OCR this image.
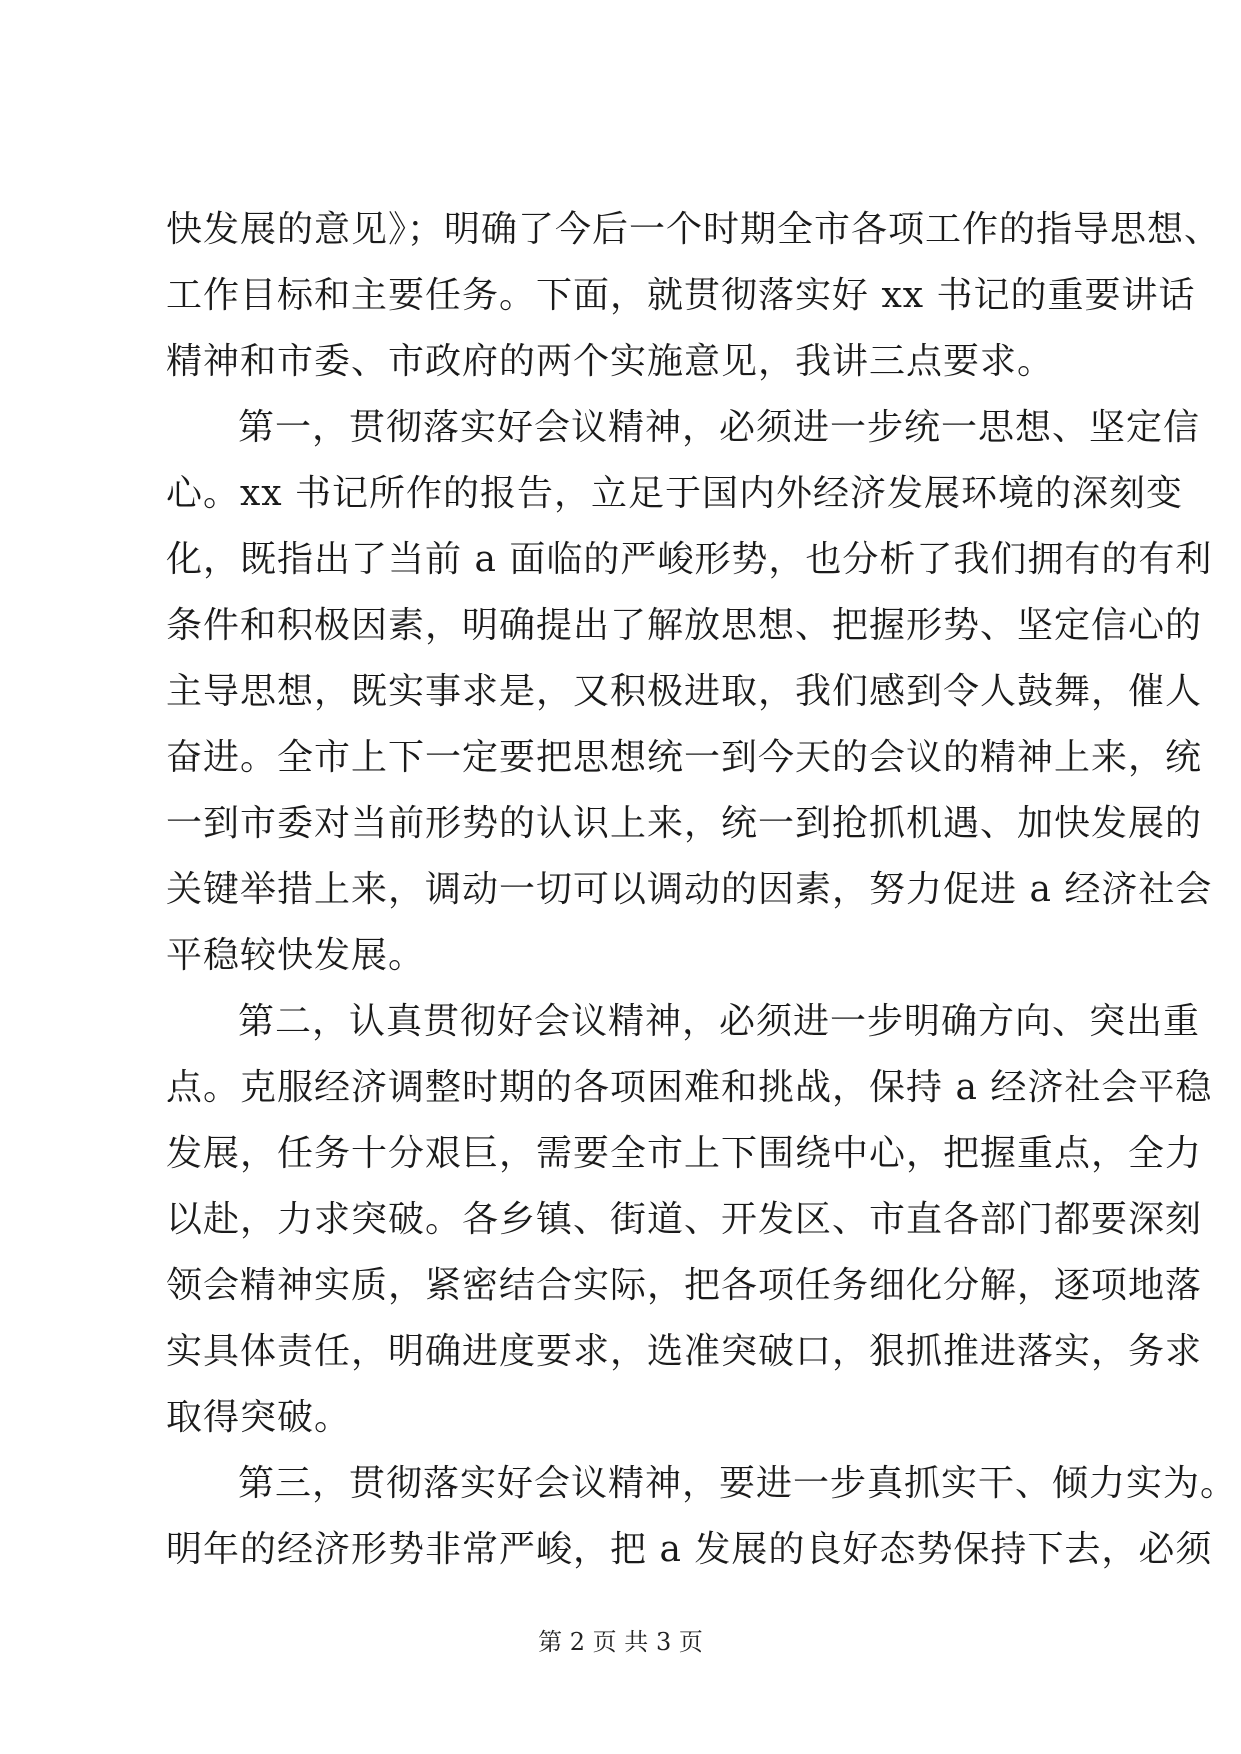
快发展的意见》；明确了今后一个时期全市各项工作的指导思想、
工作目标和主要任务。下面，就贯彻落实好 xx 书记的重要讲话
精神和市委、市政府的两个实施意见，我讲三点要求。
第一，贯彻落实好会议精神，必须进一步统一思想、坚定信
心。xx 书记所作的报告，立足于国内外经济发展环境的深刻变
化，既指出了当前 a 面临的严峻形势，也分析了我们拥有的有利
条件和积极因素，明确提出了解放思想、把握形势、坚定信心的
主导思想，既实事求是，又积极进取，我们感到令人鼓舞，催人
奋进。全市上下一定要把思想统一到今天的会议的精神上来，统
一到市委对当前形势的认识上来，统一到抢抓机遇、加快发展的
关键举措上来，调动一切可以调动的因素，努力促进 a 经济社会
平稳较快发展。
第二，认真贯彻好会议精神，必须进一步明确方向、突出重
点。克服经济调整时期的各项困难和挑战，保持 a 经济社会平稳
发展，任务十分艰巨，需要全市上下围绕中心，把握重点，全力
以赴，力求突破。各乡镇、街道、开发区、市直各部门都要深刻
领会精神实质，紧密结合实际，把各项任务细化分解，逐项地落
实具体责任，明确进度要求，选准突破口，狠抓推进落实，务求
取得突破。
第三，贯彻落实好会议精神，要进一步真抓实干、倾力实为。
明年的经济形势非常严峻，把 a 发展的良好态势保持下去，必须
第 2 页 共 3 页
